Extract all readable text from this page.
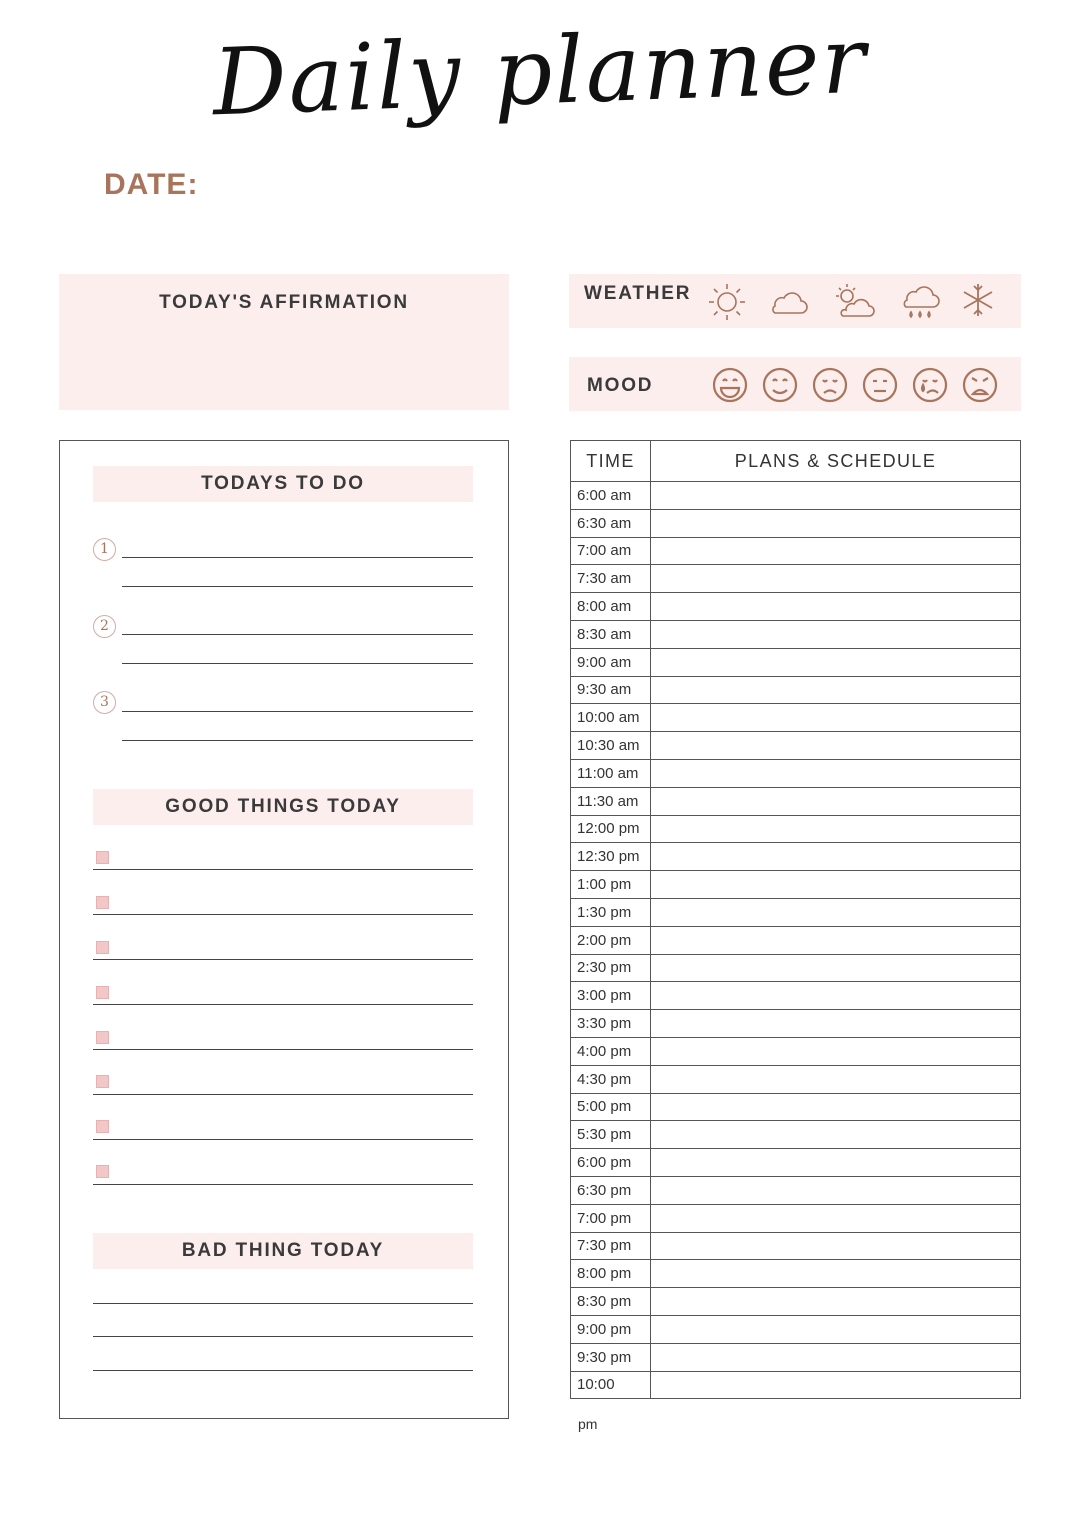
Daily planner
DATE:
TODAY'S AFFIRMATION	WEATHER
MOOD
TODAYS TO DO
1
2
3
GOOD THINGS TODAY
BAD THING TODAY
TIME	PLANS & SCHEDULE
6:00 am	
6:30 am	
7:00 am	
7:30 am	
8:00 am	
8:30 am	
9:00 am	
9:30 am	
10:00 am	
10:30 am	
11:00 am	
11:30 am	
12:00 pm	
12:30 pm	
1:00 pm	
1:30 pm	
2:00 pm	
2:30 pm	
3:00 pm	
3:30 pm	
4:00 pm	
4:30 pm	
5:00 pm	
5:30 pm	
6:00 pm	
6:30 pm	
7:00 pm	
7:30 pm	
8:00 pm	
8:30 pm	
9:00 pm	
9:30 pm	
10:00	
pm
